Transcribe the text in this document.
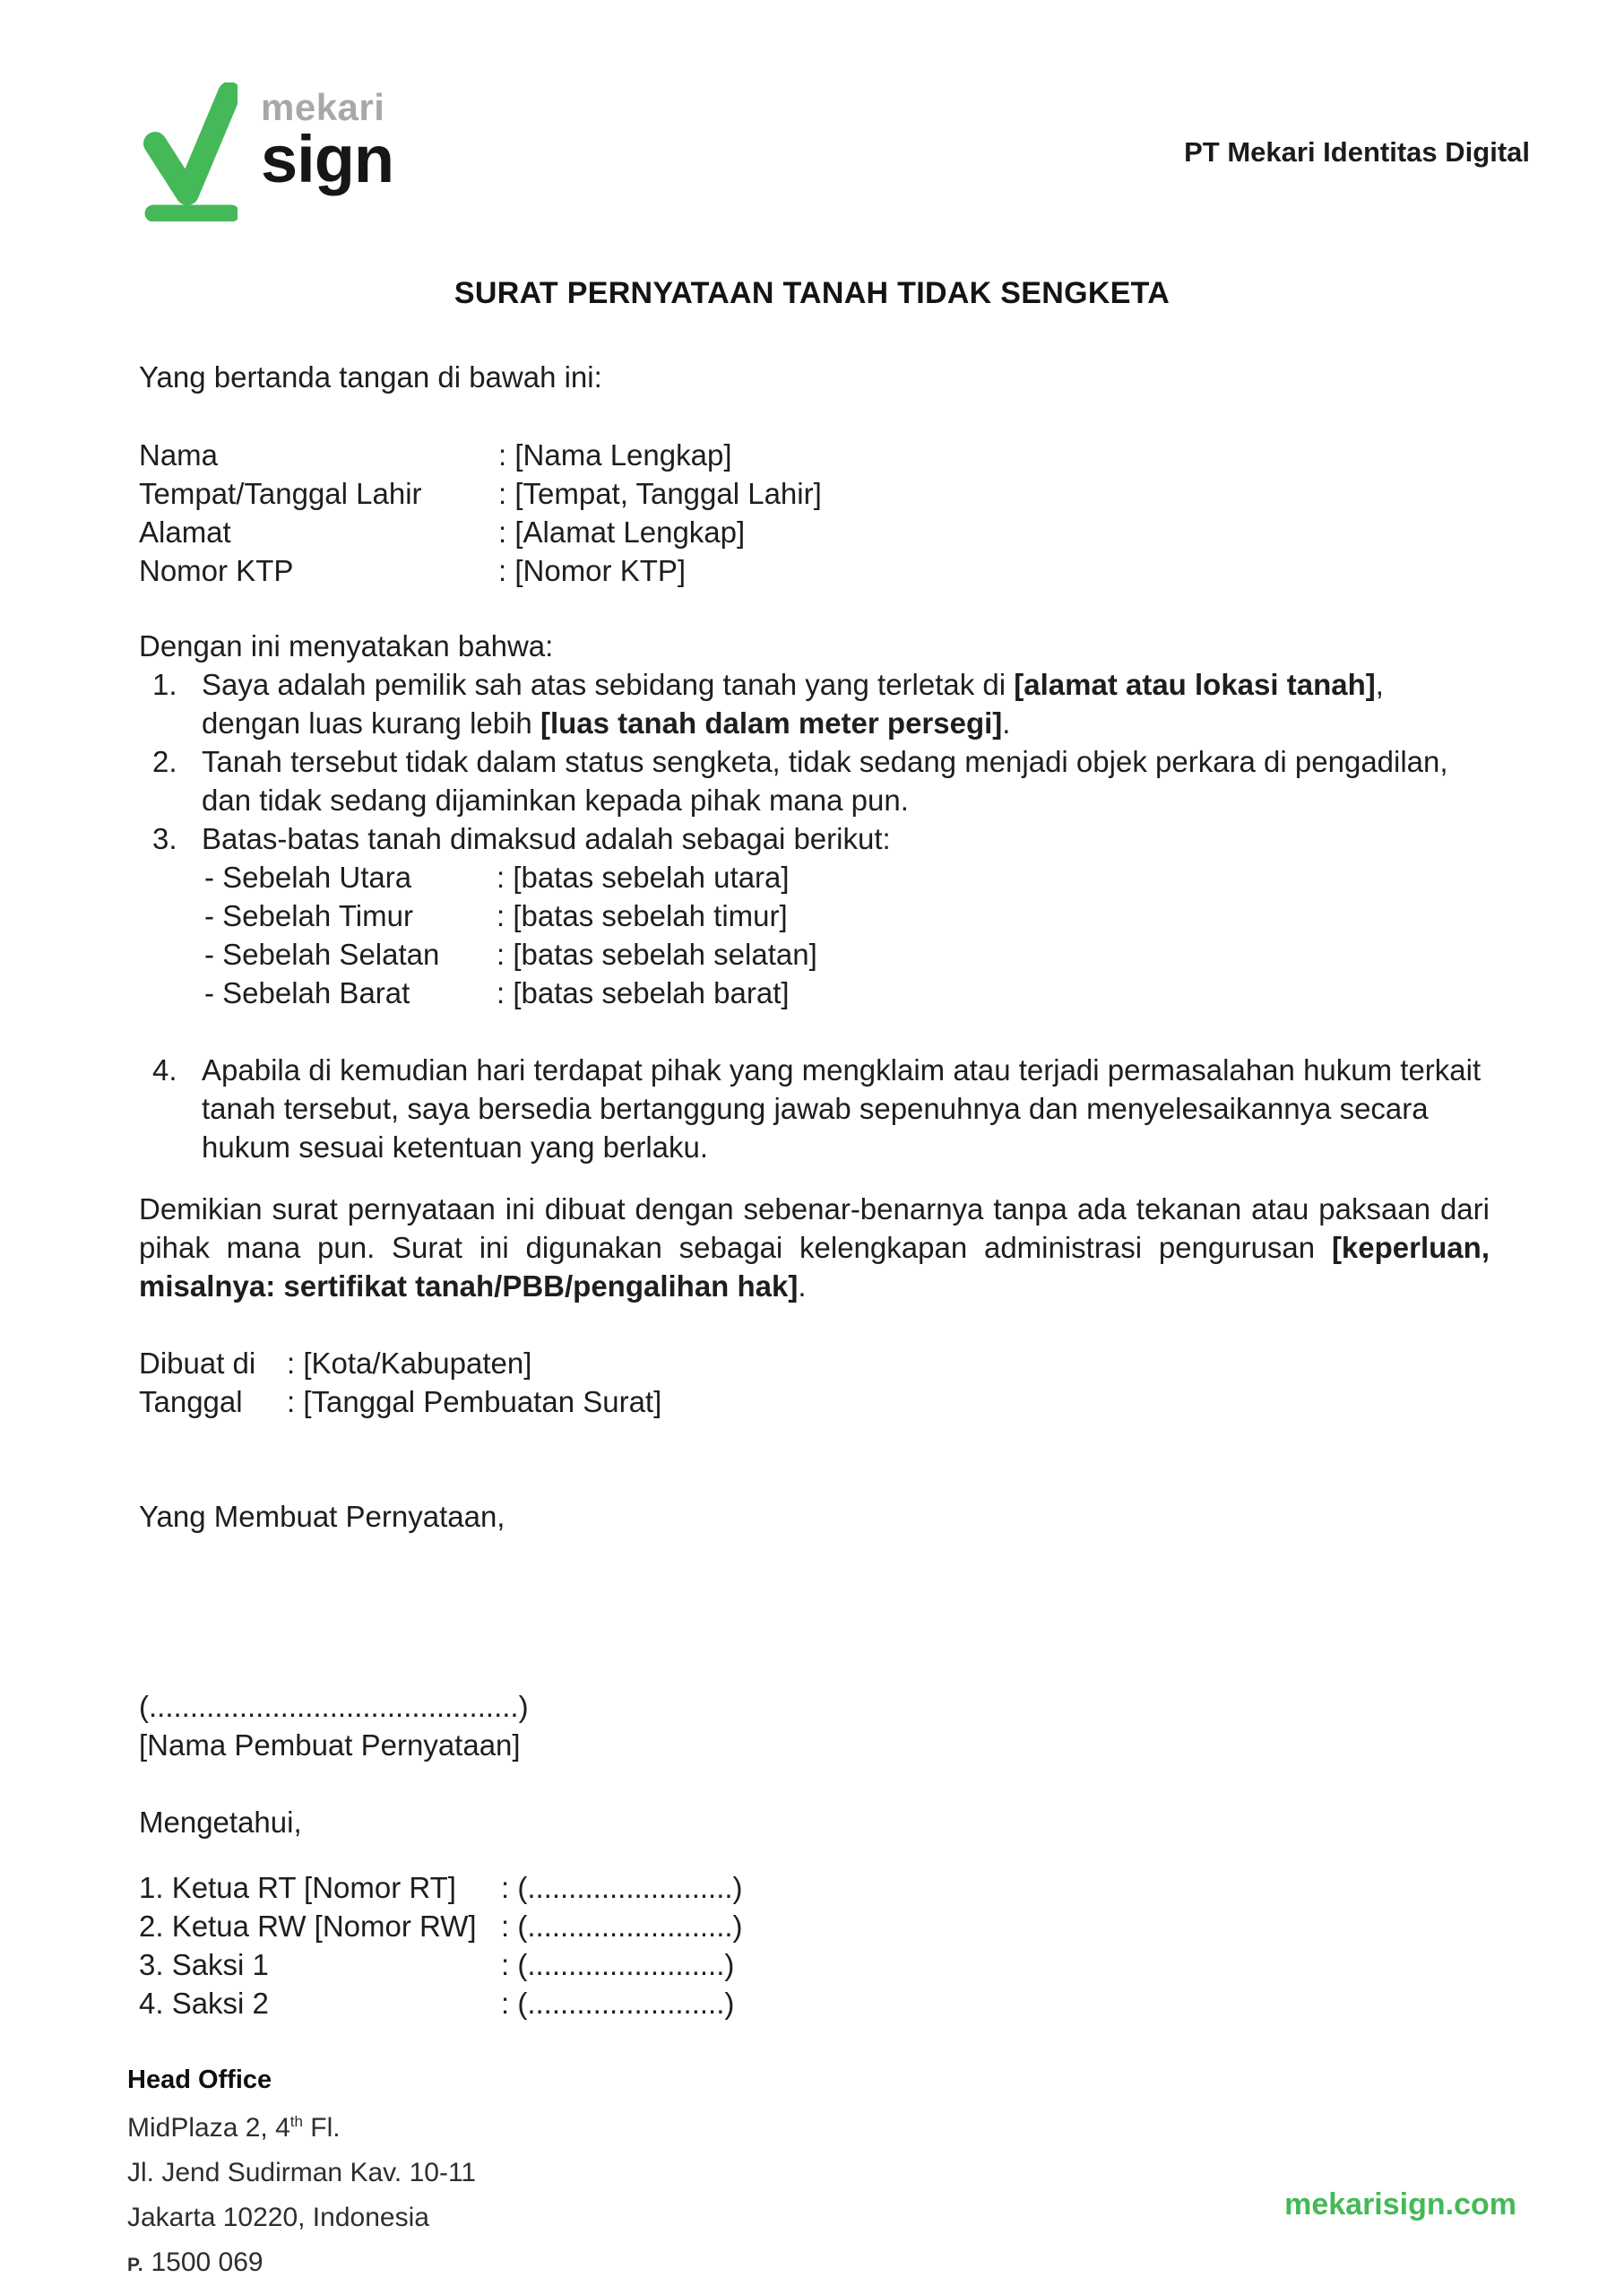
mekari
sign	PT Mekari Identitas Digital
SURAT PERNYATAAN TANAH TIDAK SENGKETA
Yang bertanda tangan di bawah ini:
Nama	: [Nama Lengkap]
Tempat/Tanggal Lahir	: [Tempat, Tanggal Lahir]
Alamat	: [Alamat Lengkap]
Nomor KTP	: [Nomor KTP]
Dengan ini menyatakan bahwa:
1. Saya adalah pemilik sah atas sebidang tanah yang terletak di [alamat atau lokasi tanah], dengan luas kurang lebih [luas tanah dalam meter persegi].
2. Tanah tersebut tidak dalam status sengketa, tidak sedang menjadi objek perkara di pengadilan, dan tidak sedang dijaminkan kepada pihak mana pun.
3. Batas-batas tanah dimaksud adalah sebagai berikut:
- Sebelah Utara	: [batas sebelah utara]
- Sebelah Timur	: [batas sebelah timur]
- Sebelah Selatan	: [batas sebelah selatan]
- Sebelah Barat	: [batas sebelah barat]
4. Apabila di kemudian hari terdapat pihak yang mengklaim atau terjadi permasalahan hukum terkait tanah tersebut, saya bersedia bertanggung jawab sepenuhnya dan menyelesaikannya secara hukum sesuai ketentuan yang berlaku.
Demikian surat pernyataan ini dibuat dengan sebenar-benarnya tanpa ada tekanan atau paksaan dari pihak mana pun. Surat ini digunakan sebagai kelengkapan administrasi pengurusan [keperluan, misalnya: sertifikat tanah/PBB/pengalihan hak].
Dibuat di	: [Kota/Kabupaten]
Tanggal	: [Tanggal Pembuatan Surat]
Yang Membuat Pernyataan,
(.............................................)
[Nama Pembuat Pernyataan]
Mengetahui,
1. Ketua RT [Nomor RT]	: (.........................)
2. Ketua RW [Nomor RW] : (.........................)
3. Saksi 1	: (........................)
4. Saksi 2	: (........................)
Head Office
MidPlaza 2, 4th Fl.
Jl. Jend Sudirman Kav. 10-11
Jakarta 10220, Indonesia
P. 1500 069
mekarisign.com
